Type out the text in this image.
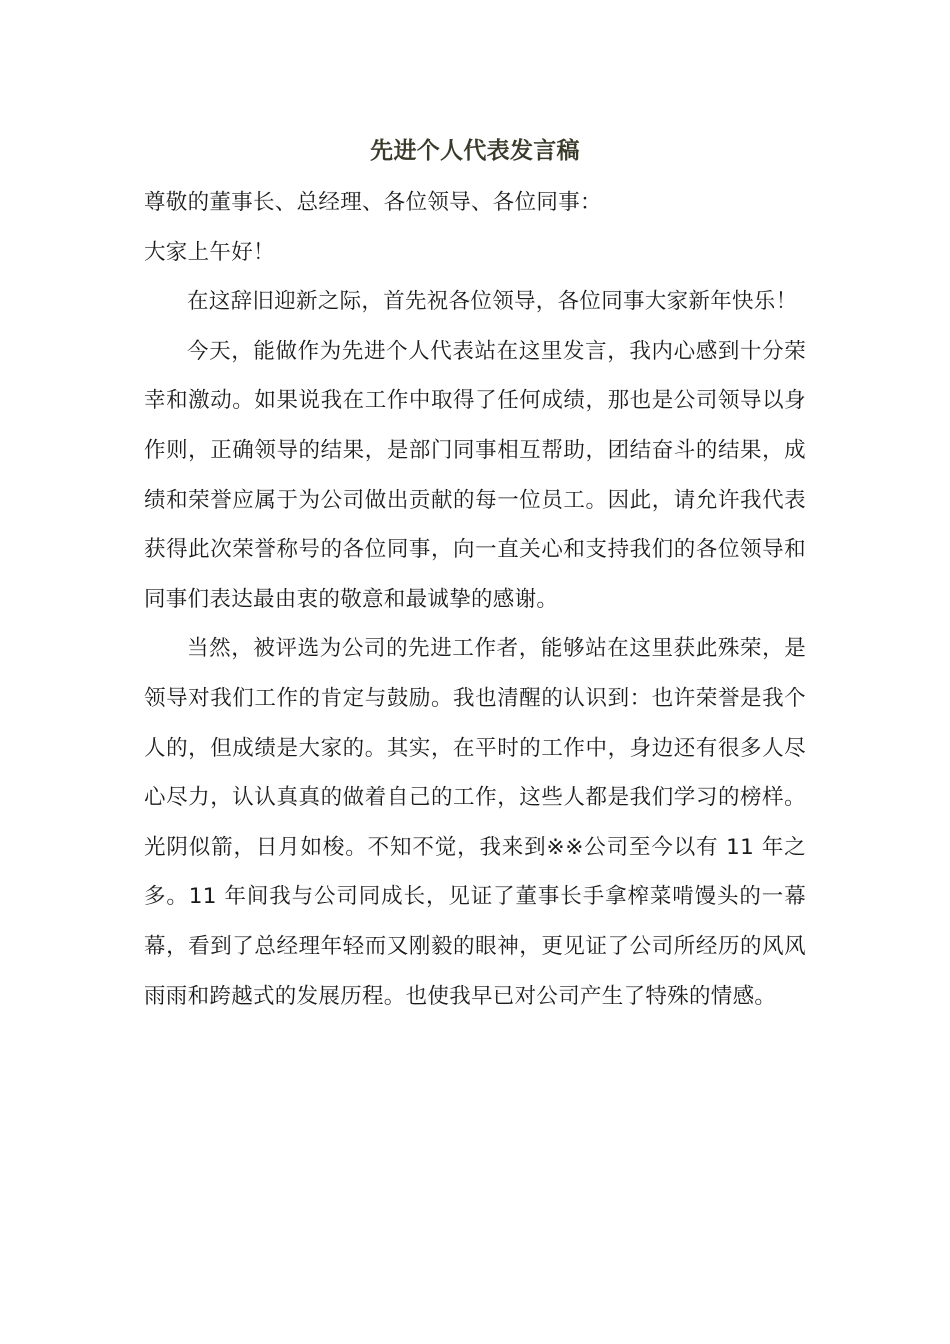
先进个人代表发言稿

尊敬的董事长、总经理、各位领导、各位同事：

大家上午好！

在这辞旧迎新之际，首先祝各位领导，各位同事大家新年快乐！

今天，能做作为先进个人代表站在这里发言，我内心感到十分荣幸和激动。如果说我在工作中取得了任何成绩，那也是公司领导以身作则，正确领导的结果，是部门同事相互帮助，团结奋斗的结果，成绩和荣誉应属于为公司做出贡献的每一位员工。因此，请允许我代表获得此次荣誉称号的各位同事，向一直关心和支持我们的各位领导和同事们表达最由衷的敬意和最诚挚的感谢。

当然，被评选为公司的先进工作者，能够站在这里获此殊荣，是领导对我们工作的肯定与鼓励。我也清醒的认识到：也许荣誉是我个人的，但成绩是大家的。其实，在平时的工作中，身边还有很多人尽心尽力，认认真真的做着自己的工作，这些人都是我们学习的榜样。光阴似箭，日月如梭。不知不觉，我来到※※公司至今以有 11 年之多。11 年间我与公司同成长，见证了董事长手拿榨菜啃馒头的一幕幕，看到了总经理年轻而又刚毅的眼神，更见证了公司所经历的风风雨雨和跨越式的发展历程。也使我早已对公司产生了特殊的情感。
